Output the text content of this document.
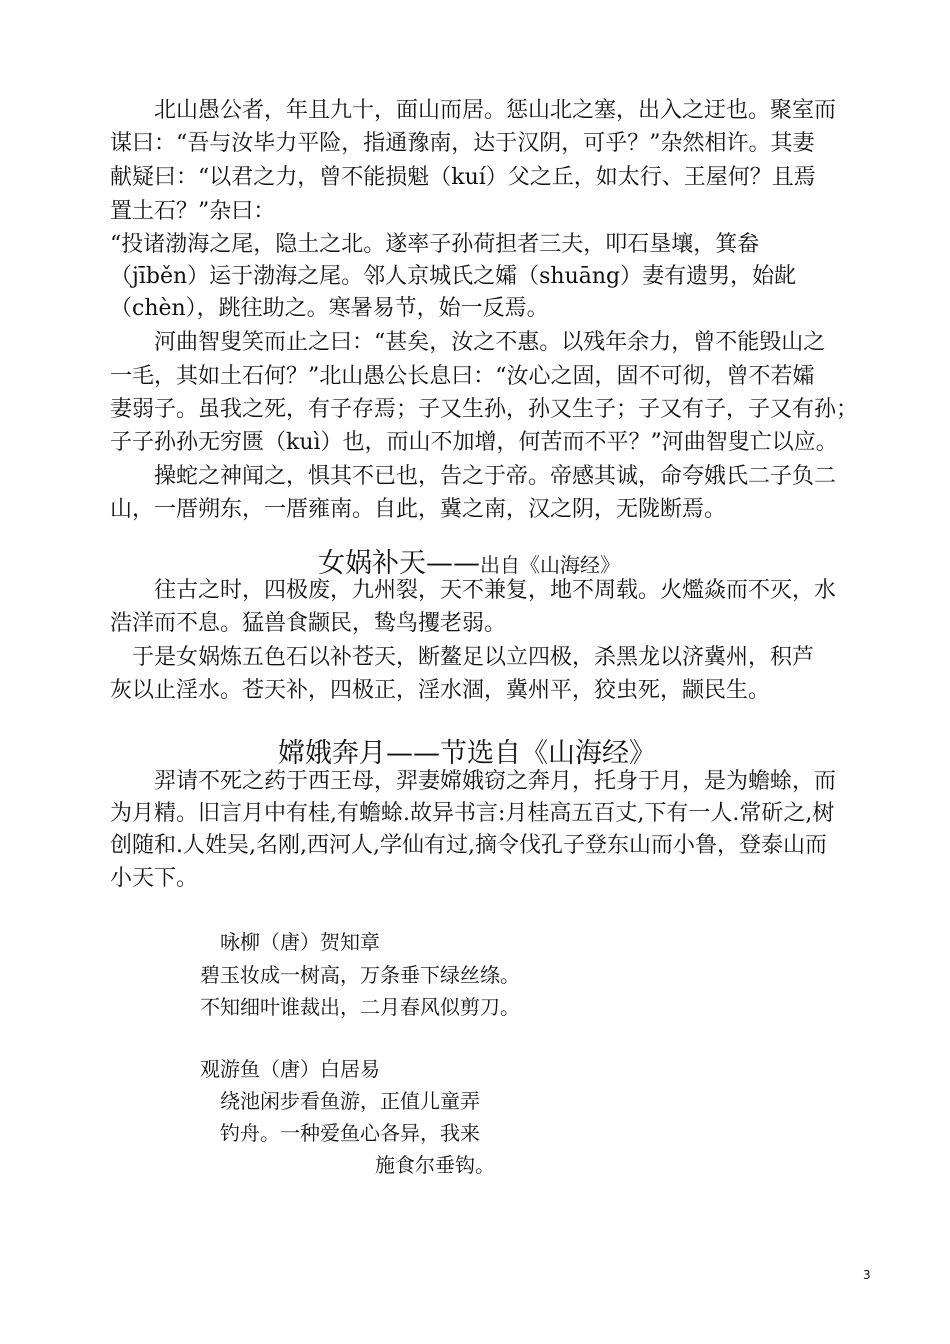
　　北山愚公者，年且九十，面山而居。惩山北之塞，出入之迂也。聚室而
谋曰：“吾与汝毕力平险，指通豫南，达于汉阴，可乎？”杂然相许。其妻
献疑曰：“以君之力，曾不能损魁（kuí）父之丘，如太行、王屋何？且焉
置土石？”杂曰：
“投诸渤海之尾，隐土之北。遂率子孙荷担者三夫，叩石垦壤，箕畚
（jīběn）运于渤海之尾。邻人京城氏之孀（shuāng）妻有遗男，始龀
（chèn），跳往助之。寒暑易节，始一反焉。
　　河曲智叟笑而止之曰：“甚矣，汝之不惠。以残年余力，曾不能毁山之
一毛，其如土石何？”北山愚公长息曰：“汝心之固，固不可彻，曾不若孀
妻弱子。虽我之死，有子存焉；子又生孙，孙又生子；子又有子，子又有孙；
子子孙孙无穷匮（kuì）也，而山不加增，何苦而不平？”河曲智叟亡以应。
　　操蛇之神闻之，惧其不已也，告之于帝。帝感其诚，命夸娥氏二子负二
山，一厝朔东，一厝雍南。自此，冀之南，汉之阴，无陇断焉。
女娲补天——出自《山海经》
　　往古之时，四极废，九州裂，天不兼复，地不周载。火爁焱而不灭，水
浩洋而不息。猛兽食颛民，鸷鸟攫老弱。
　于是女娲炼五色石以补苍天，断鳌足以立四极，杀黑龙以济冀州，积芦
灰以止淫水。苍天补，四极正，淫水涸，冀州平，狡虫死，颛民生。
嫦娥奔月——节选自《山海经》
　　羿请不死之药于西王母，羿妻嫦娥窃之奔月，托身于月，是为蟾蜍，而
为月精。旧言月中有桂,有蟾蜍.故异书言:月桂高五百丈,下有一人.常斫之,树
创随和.人姓吴,名刚,西河人,学仙有过,摘令伐孔子登东山而小鲁，登泰山而
小天下。
咏柳（唐）贺知章
碧玉妆成一树高，万条垂下绿丝绦。
不知细叶谁裁出，二月春风似剪刀。
观游鱼（唐）白居易
绕池闲步看鱼游，正值儿童弄
钓舟。一种爱鱼心各异，我来
施食尔垂钩。
3
